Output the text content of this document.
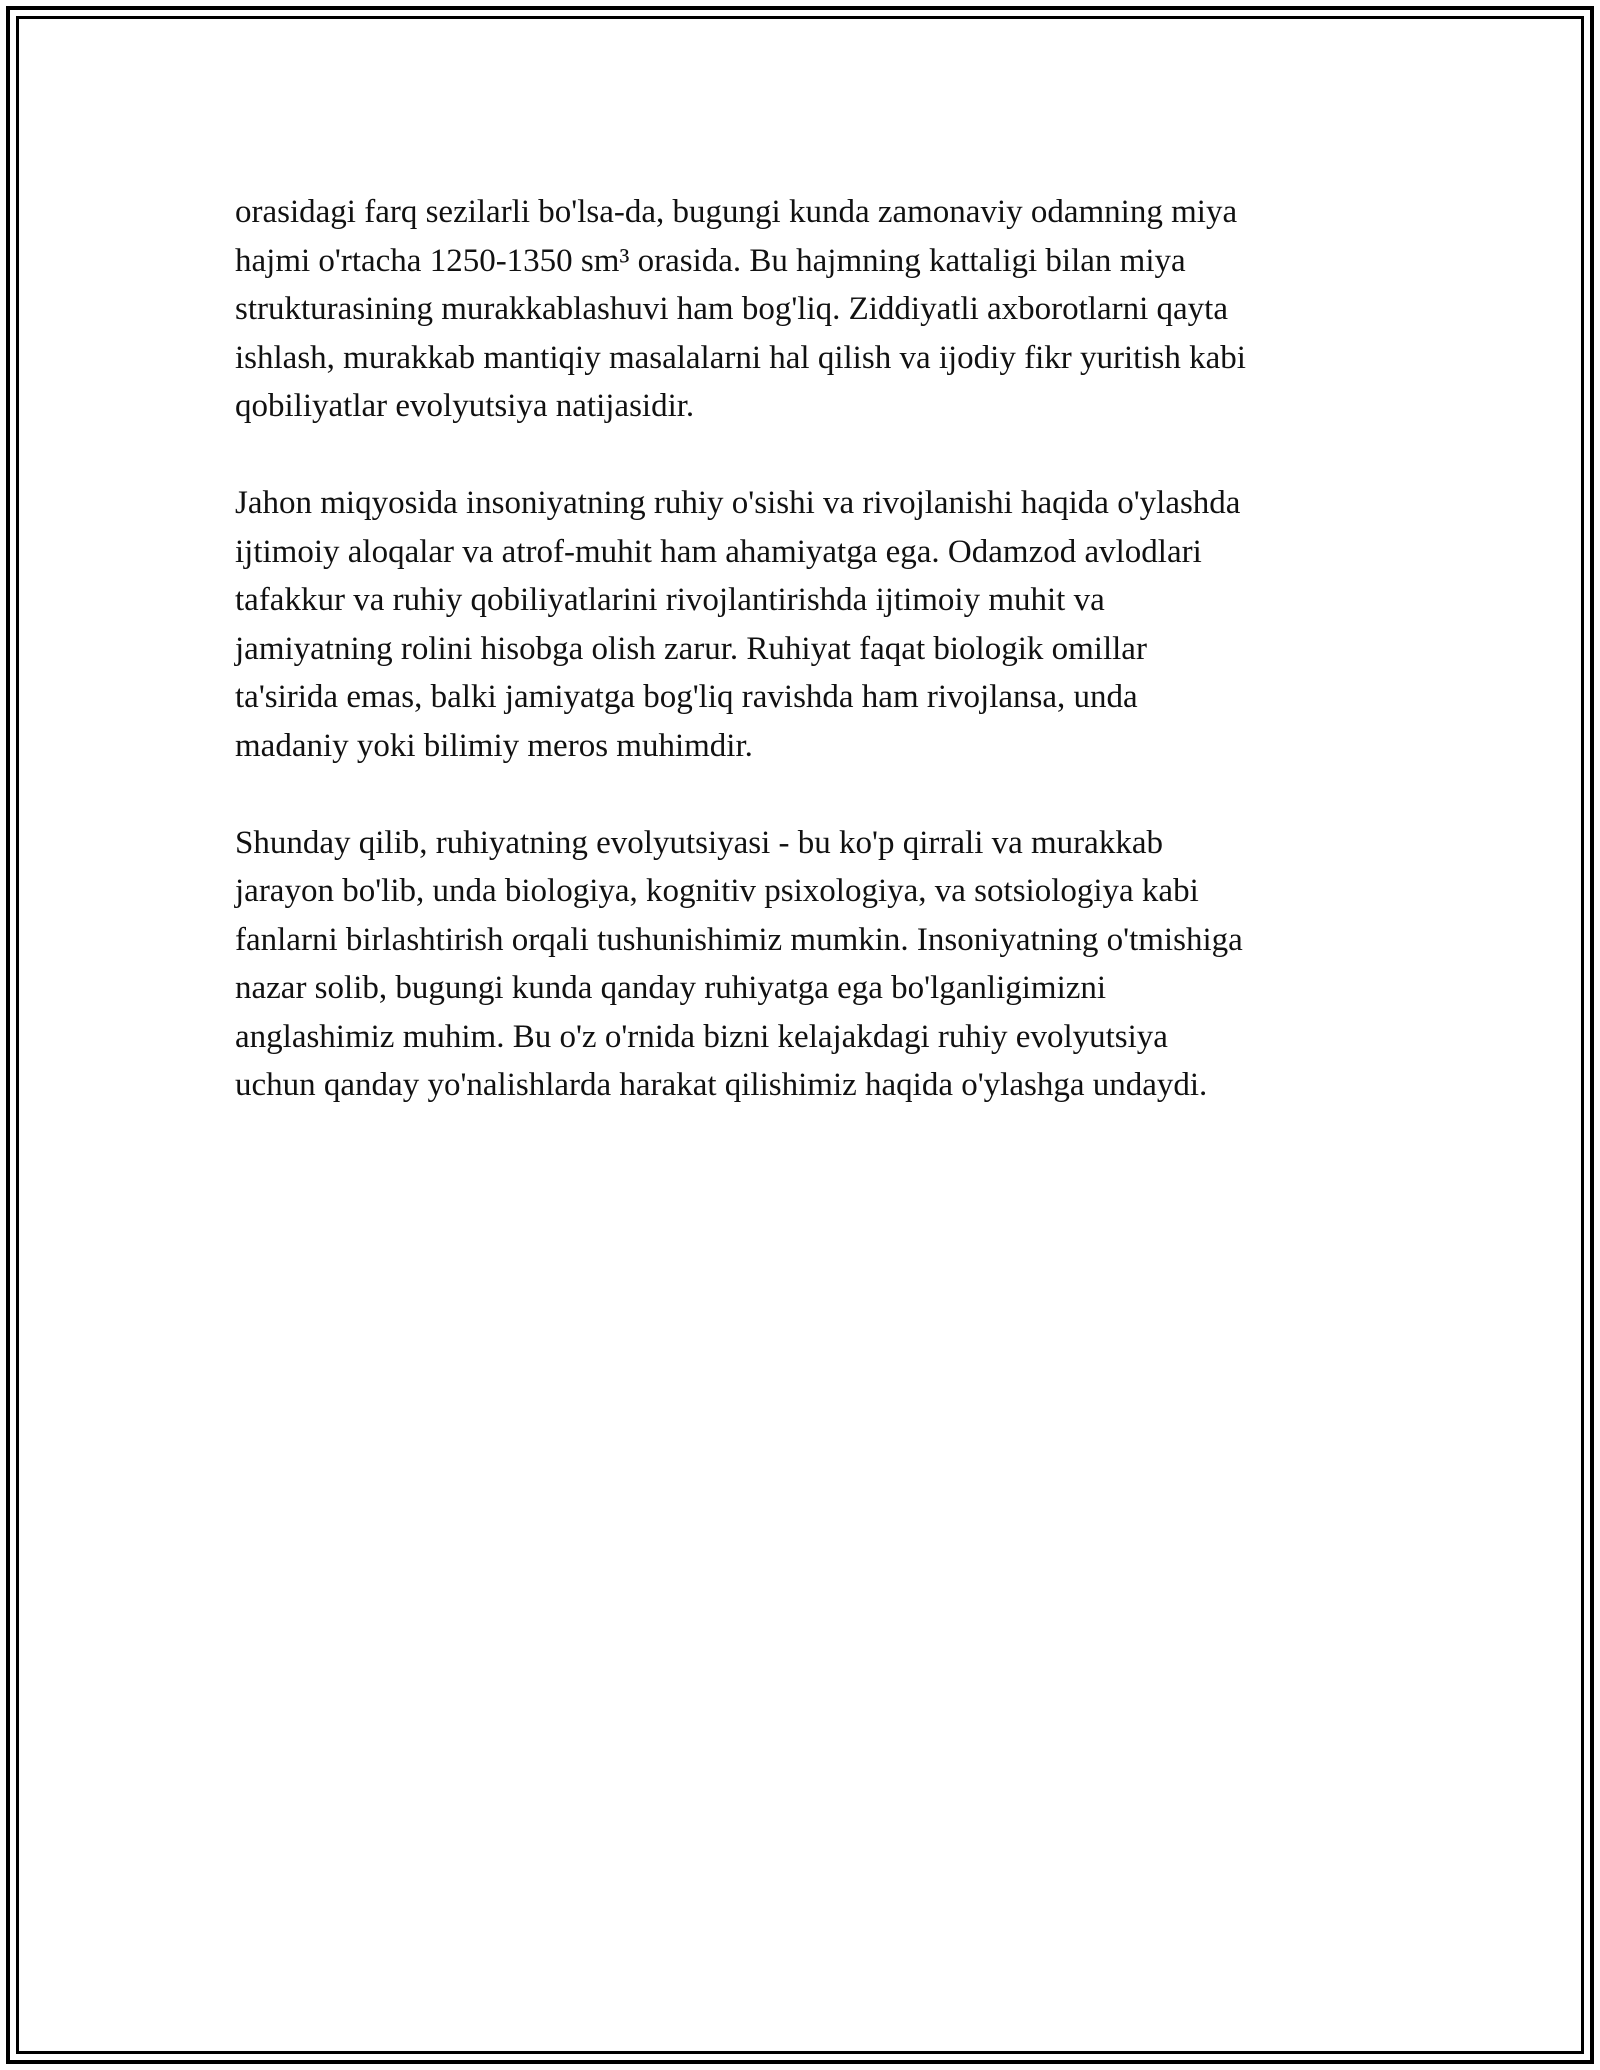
orasidagi farq sezilarli bo'lsa-da, bugungi kunda zamonaviy odamning miya
hajmi o'rtacha 1250-1350 sm³ orasida. Bu hajmning kattaligi bilan miya
strukturasining murakkablashuvi ham bog'liq. Ziddiyatli axborotlarni qayta
ishlash, murakkab mantiqiy masalalarni hal qilish va ijodiy fikr yuritish kabi
qobiliyatlar evolyutsiya natijasidir.

Jahon miqyosida insoniyatning ruhiy o'sishi va rivojlanishi haqida o'ylashda
ijtimoiy aloqalar va atrof-muhit ham ahamiyatga ega. Odamzod avlodlari
tafakkur va ruhiy qobiliyatlarini rivojlantirishda ijtimoiy muhit va
jamiyatning rolini hisobga olish zarur. Ruhiyat faqat biologik omillar
ta'sirida emas, balki jamiyatga bog'liq ravishda ham rivojlansa, unda
madaniy yoki bilimiy meros muhimdir.

Shunday qilib, ruhiyatning evolyutsiyasi - bu ko'p qirrali va murakkab
jarayon bo'lib, unda biologiya, kognitiv psixologiya, va sotsiologiya kabi
fanlarni birlashtirish orqali tushunishimiz mumkin. Insoniyatning o'tmishiga
nazar solib, bugungi kunda qanday ruhiyatga ega bo'lganligimizni
anglashimiz muhim. Bu o'z o'rnida bizni kelajakdagi ruhiy evolyutsiya
uchun qanday yo'nalishlarda harakat qilishimiz haqida o'ylashga undaydi.
